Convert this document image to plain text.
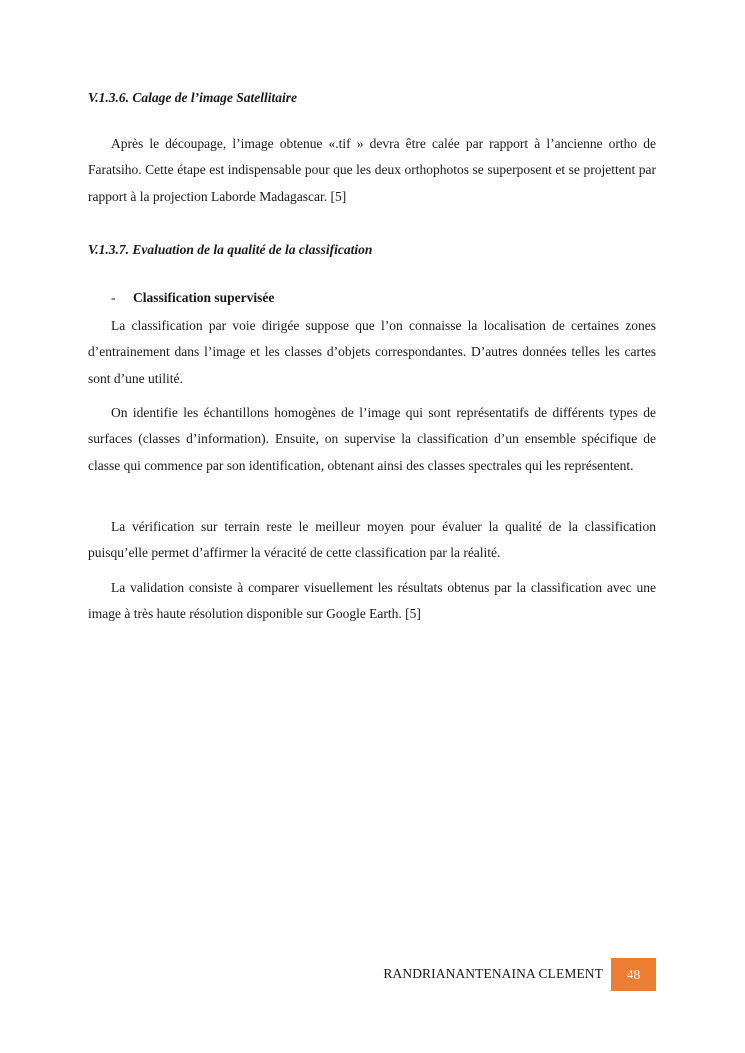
V.1.3.6. Calage de l’image Satellitaire

Après le découpage, l’image obtenue «.tif » devra être calée par rapport à l’ancienne ortho de Faratsiho. Cette étape est indispensable pour que les deux orthophotos se superposent et se projettent par rapport à la projection Laborde Madagascar. [5]

V.1.3.7. Evaluation de la qualité de la classification
- Classification supervisée

La classification par voie dirigée suppose que l’on connaisse la localisation de certaines zones d’entrainement dans l’image et les classes d’objets correspondantes. D’autres données telles les cartes sont d’une utilité.

On identifie les échantillons homogènes de l’image qui sont représentatifs de différents types de surfaces (classes d’information). Ensuite, on supervise la classification d’un ensemble spécifique de classe qui commence par son identification, obtenant ainsi des classes spectrales qui les représentent.

La vérification sur terrain reste le meilleur moyen pour évaluer la qualité de la classification puisqu’elle permet d’affirmer la véracité de cette classification par la réalité.

La validation consiste à comparer visuellement les résultats obtenus par la classification avec une image à très haute résolution disponible sur Google Earth. [5]

RANDRIANANTENAINA CLEMENT	48
